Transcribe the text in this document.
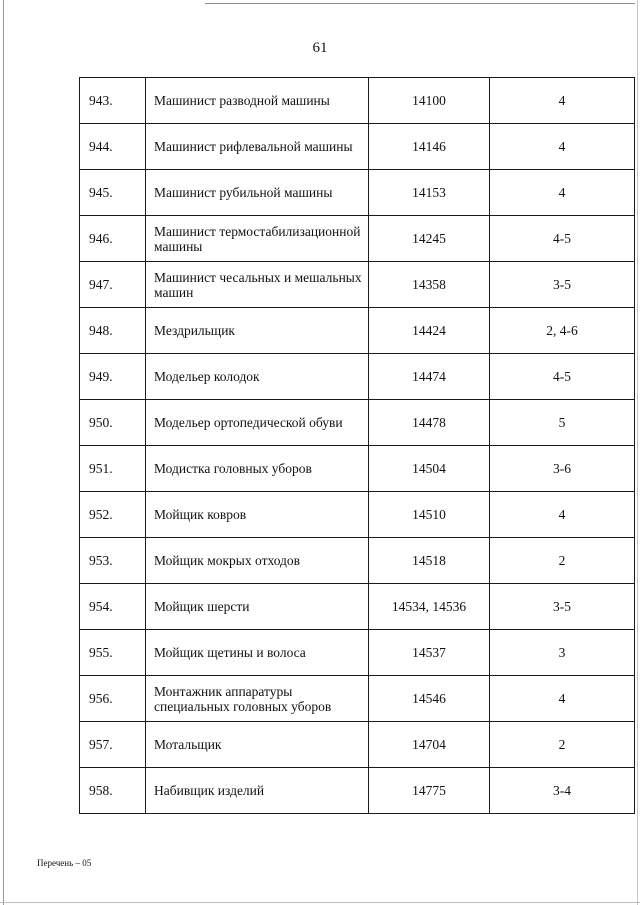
61
943.	Машинист разводной машины	14100	4
944.	Машинист рифлевальной машины	14146	4
945.	Машинист рубильной машины	14153	4
946.	Машинист термостабилизационной машины	14245	4-5
947.	Машинист чесальных и мешальных машин	14358	3-5
948.	Мездрильщик	14424	2, 4-6
949.	Модельер колодок	14474	4-5
950.	Модельер ортопедической обуви	14478	5
951.	Модистка головных уборов	14504	3-6
952.	Мойщик ковров	14510	4
953.	Мойщик мокрых отходов	14518	2
954.	Мойщик шерсти	14534, 14536	3-5
955.	Мойщик щетины и волоса	14537	3
956.	Монтажник аппаратуры специальных головных уборов	14546	4
957.	Мотальщик	14704	2
958.	Набивщик изделий	14775	3-4
Перечень – 05
